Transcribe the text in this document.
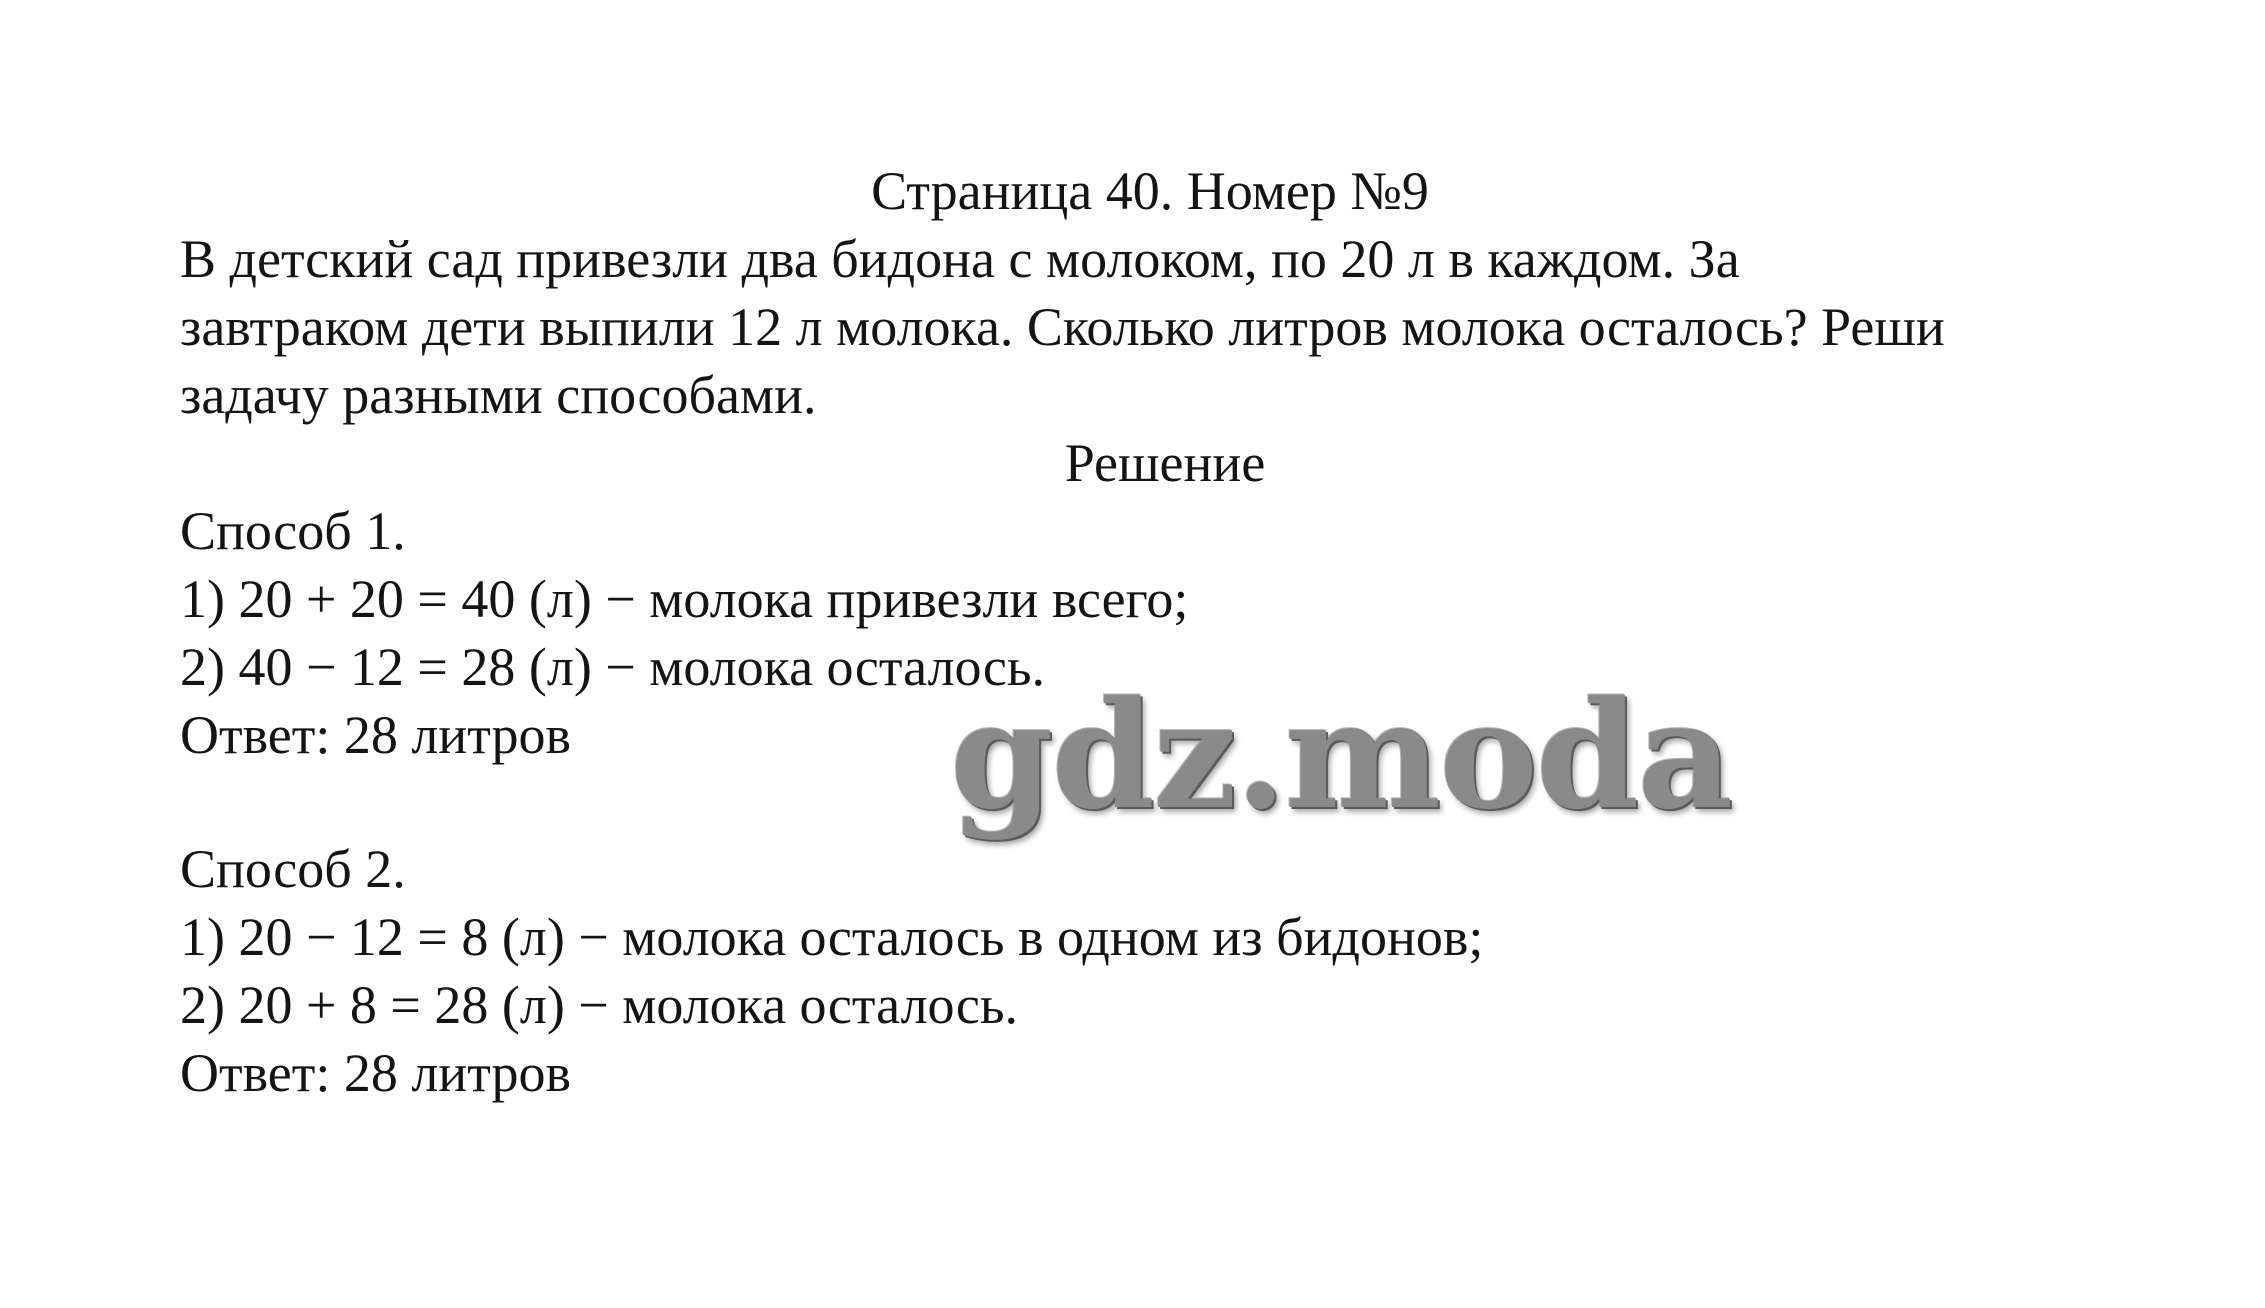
Страница 40. Номер №9
В детский сад привезли два бидона с молоком, по 20 л в каждом. За
завтраком дети выпили 12 л молока. Сколько литров молока осталось? Реши
задачу разными способами.
Решение
Способ 1.
1) 20 + 20 = 40 (л) − молока привезли всего;
2) 40 − 12 = 28 (л) − молока осталось.
Ответ: 28 литров	gdz.moda
Способ 2.
1) 20 − 12 = 8 (л) − молока осталось в одном из бидонов;
2) 20 + 8 = 28 (л) − молока осталось.
Ответ: 28 литров
